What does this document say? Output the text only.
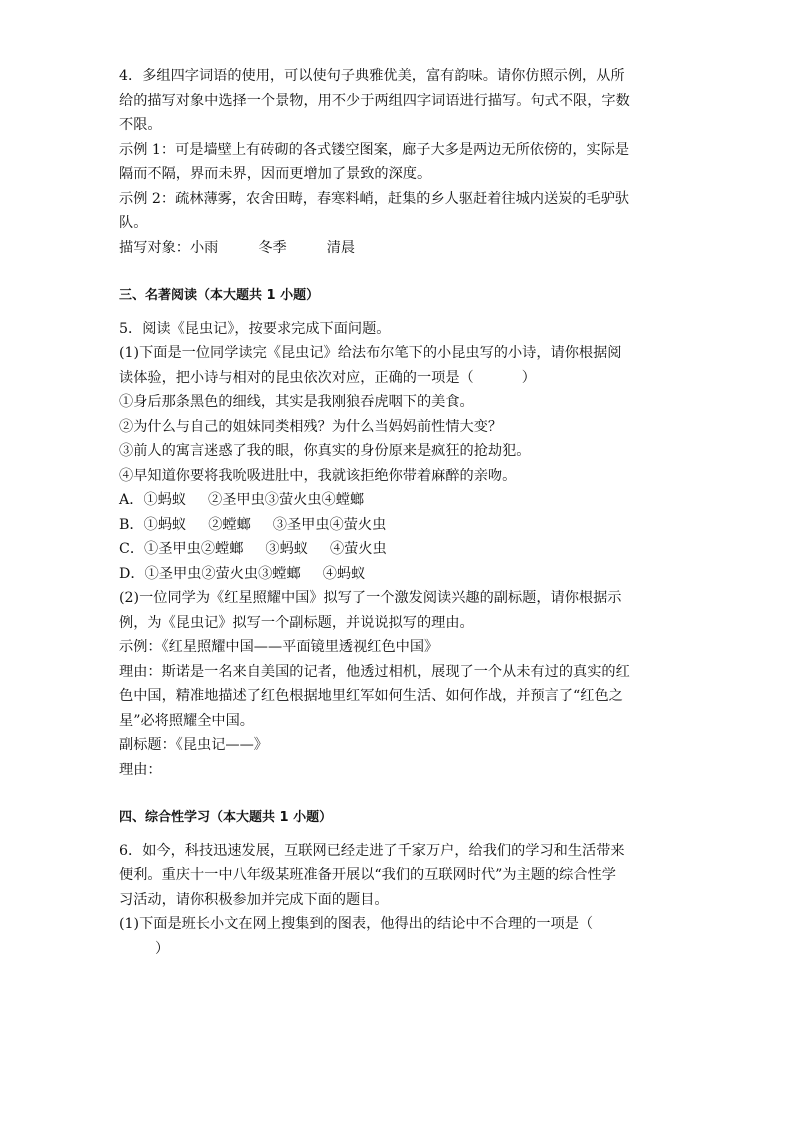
4．多组四字词语的使用，可以使句子典雅优美，富有韵味。请你仿照示例，从所
给的描写对象中选择一个景物，用不少于两组四字词语进行描写。句式不限，字数
不限。
示例 1：可是墙壁上有砖砌的各式镂空图案，廊子大多是两边无所依傍的，实际是
隔而不隔，界而未界，因而更增加了景致的深度。
示例 2：疏林薄雾，农舍田畴，春寒料峭，赶集的乡人驱赶着往城内送炭的毛驴驮
队。
描写对象：小雨	冬季	清晨
三、名著阅读（本大题共 1 小题）
5．阅读《昆虫记》，按要求完成下面问题。
(1)下面是一位同学读完《昆虫记》给法布尔笔下的小昆虫写的小诗，请你根据阅
读体验，把小诗与相对的昆虫依次对应，正确的一项是（	）
①身后那条黑色的细线，其实是我刚狼吞虎咽下的美食。
②为什么与自己的姐妹同类相残？为什么当妈妈前性情大变？
③前人的寓言迷惑了我的眼，你真实的身份原来是疯狂的抢劫犯。
④早知道你要将我吮吸进肚中，我就该拒绝你带着麻醉的亲吻。
A．①蚂蚁 ②圣甲虫③萤火虫④螳螂
B．①蚂蚁 ②螳螂 ③圣甲虫④萤火虫
C．①圣甲虫②螳螂 ③蚂蚁 ④萤火虫
D．①圣甲虫②萤火虫③螳螂 ④蚂蚁
(2)一位同学为《红星照耀中国》拟写了一个激发阅读兴趣的副标题，请你根据示
例，为《昆虫记》拟写一个副标题，并说说拟写的理由。
示例：《红星照耀中国——平面镜里透视红色中国》
理由：斯诺是一名来自美国的记者，他透过相机，展现了一个从未有过的真实的红
色中国，精准地描述了红色根据地里红军如何生活、如何作战，并预言了“红色之
星”必将照耀全中国。
副标题：《昆虫记——》
理由：
四、综合性学习（本大题共 1 小题）
6．如今，科技迅速发展，互联网已经走进了千家万户，给我们的学习和生活带来
便利。重庆十一中八年级某班准备开展以“我们的互联网时代”为主题的综合性学
习活动，请你积极参加并完成下面的题目。
(1)下面是班长小文在网上搜集到的图表，他得出的结论中不合理的一项是（
）
